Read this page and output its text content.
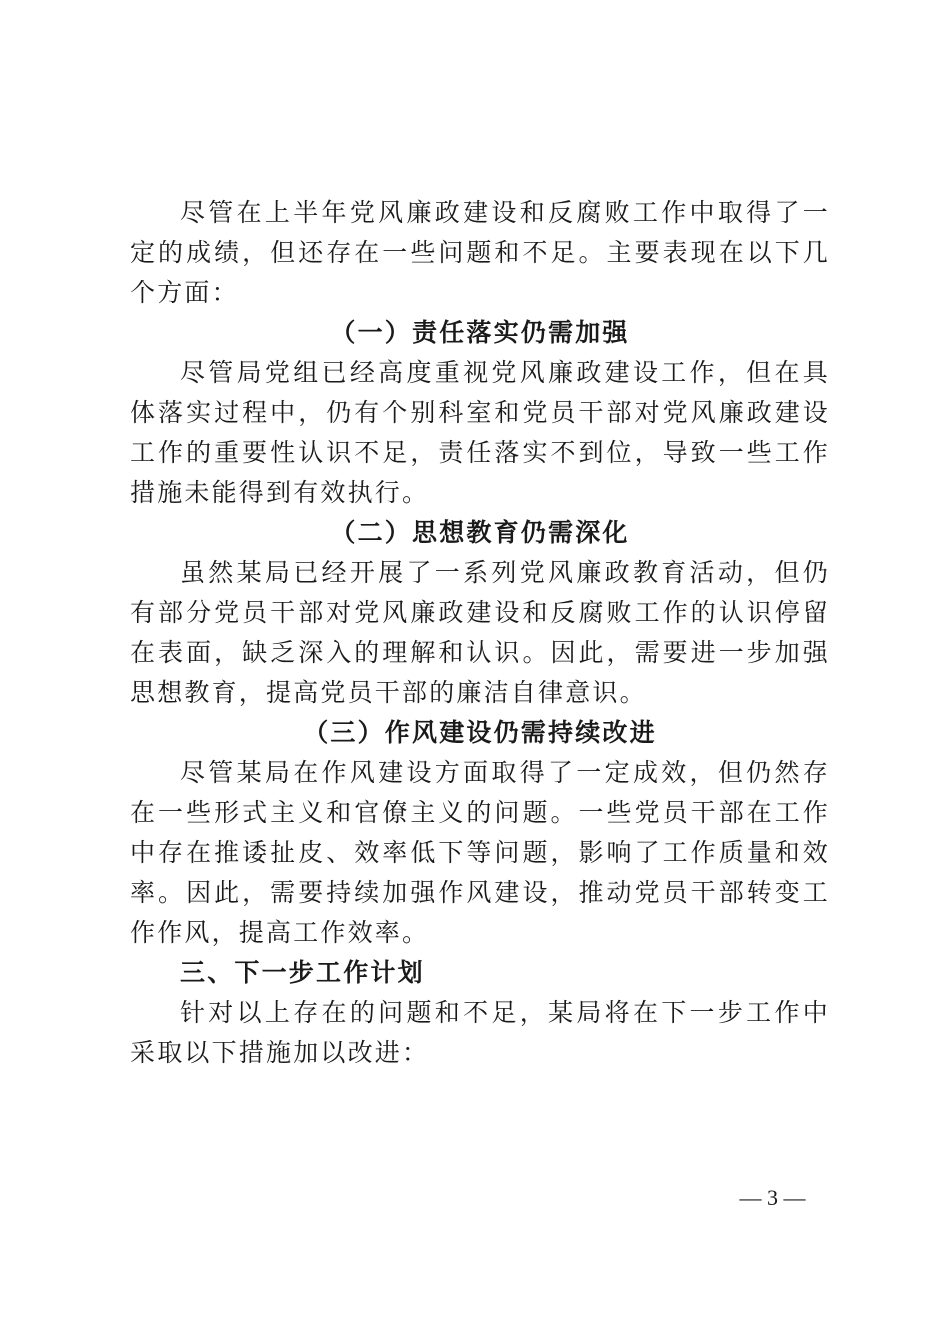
尽管在上半年党风廉政建设和反腐败工作中取得了一定的成绩，但还存在一些问题和不足。主要表现在以下几个方面：

（一）责任落实仍需加强

尽管局党组已经高度重视党风廉政建设工作，但在具体落实过程中，仍有个别科室和党员干部对党风廉政建设工作的重要性认识不足，责任落实不到位，导致一些工作措施未能得到有效执行。

（二）思想教育仍需深化

虽然某局已经开展了一系列党风廉政教育活动，但仍有部分党员干部对党风廉政建设和反腐败工作的认识停留在表面，缺乏深入的理解和认识。因此，需要进一步加强思想教育，提高党员干部的廉洁自律意识。

（三）作风建设仍需持续改进

尽管某局在作风建设方面取得了一定成效，但仍然存在一些形式主义和官僚主义的问题。一些党员干部在工作中存在推诿扯皮、效率低下等问题，影响了工作质量和效率。因此，需要持续加强作风建设，推动党员干部转变工作作风，提高工作效率。

三、下一步工作计划

针对以上存在的问题和不足，某局将在下一步工作中采取以下措施加以改进：

— 3 —
